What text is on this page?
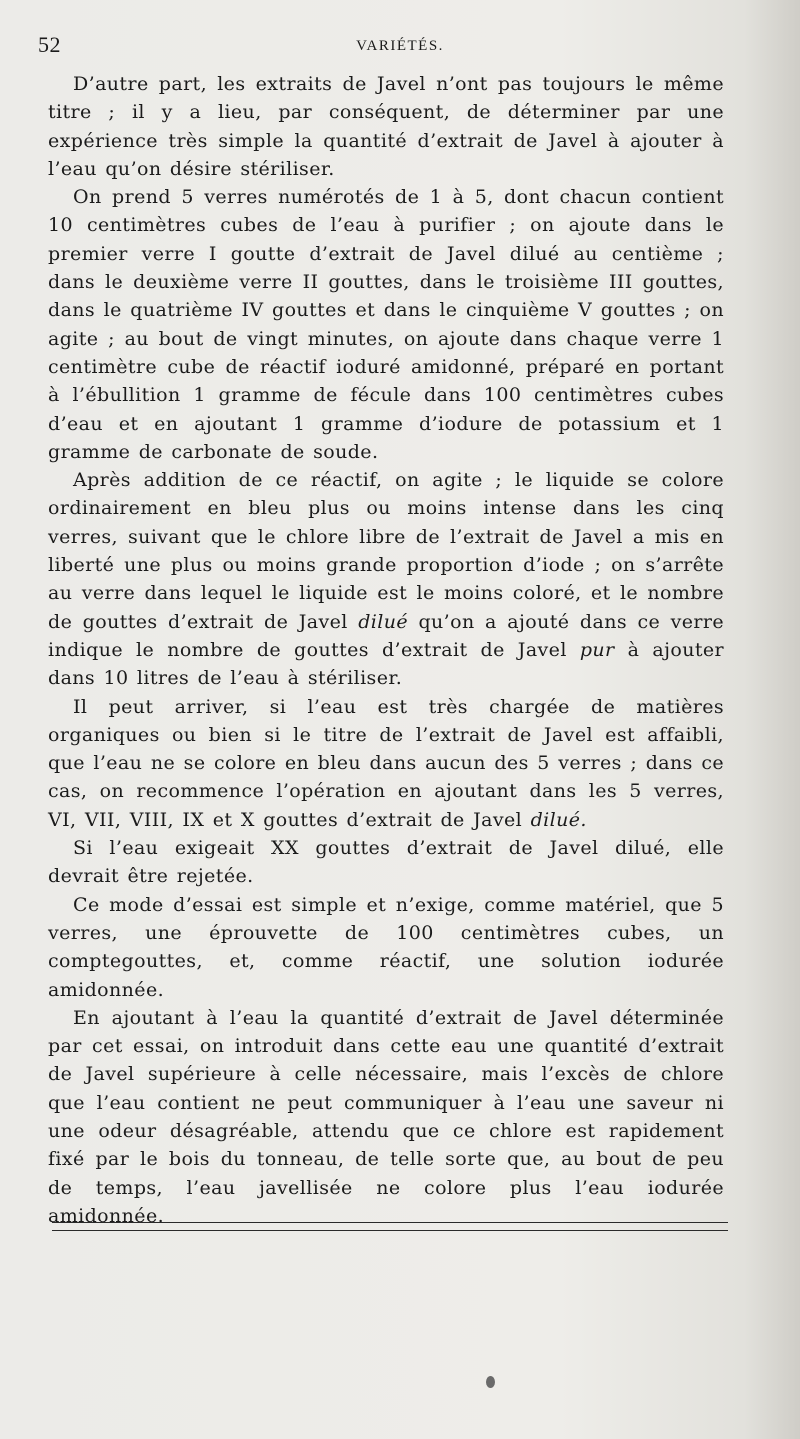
52	VARIÉTÉS.

D’autre part, les extraits de Javel n’ont pas toujours le même titre ; il y a lieu, par conséquent, de déterminer par une expérience très simple la quantité d’extrait de Javel à ajouter à l’eau qu’on désire stériliser.

On prend 5 verres numérotés de 1 à 5, dont chacun contient 10 centimètres cubes de l’eau à purifier ; on ajoute dans le premier verre I goutte d’extrait de Javel dilué au centième ; dans le deuxième verre II gouttes, dans le troisième III gouttes, dans le quatrième IV gouttes et dans le cinquième V gouttes ; on agite ; au bout de vingt minutes, on ajoute dans chaque verre 1 centimètre cube de réactif ioduré amidonné, préparé en portant à l’ébullition 1 gramme de fécule dans 100 centimètres cubes d’eau et en ajoutant 1 gramme d’iodure de potassium et 1 gramme de carbonate de soude.

Après addition de ce réactif, on agite ; le liquide se colore ordinairement en bleu plus ou moins intense dans les cinq verres, suivant que le chlore libre de l’extrait de Javel a mis en liberté une plus ou moins grande proportion d’iode ; on s’arrête au verre dans lequel le liquide est le moins coloré, et le nombre de gouttes d’extrait de Javel dilué qu’on a ajouté dans ce verre indique le nombre de gouttes d’extrait de Javel pur à ajouter dans 10 litres de l’eau à stériliser.

Il peut arriver, si l’eau est très chargée de matières organiques ou bien si le titre de l’extrait de Javel est affaibli, que l’eau ne se colore en bleu dans aucun des 5 verres ; dans ce cas, on recommence l’opération en ajoutant dans les 5 verres, VI, VII, VIII, IX et X gouttes d’extrait de Javel dilué.

Si l’eau exigeait XX gouttes d’extrait de Javel dilué, elle devrait être rejetée.

Ce mode d’essai est simple et n’exige, comme matériel, que 5 verres, une éprouvette de 100 centimètres cubes, un comptegouttes, et, comme réactif, une solution iodurée amidonnée.

En ajoutant à l’eau la quantité d’extrait de Javel déterminée par cet essai, on introduit dans cette eau une quantité d’extrait de Javel supérieure à celle nécessaire, mais l’excès de chlore que l’eau contient ne peut communiquer à l’eau une saveur ni une odeur désagréable, attendu que ce chlore est rapidement fixé par le bois du tonneau, de telle sorte que, au bout de peu de temps, l’eau javellisée ne colore plus l’eau iodurée amidonnée.
